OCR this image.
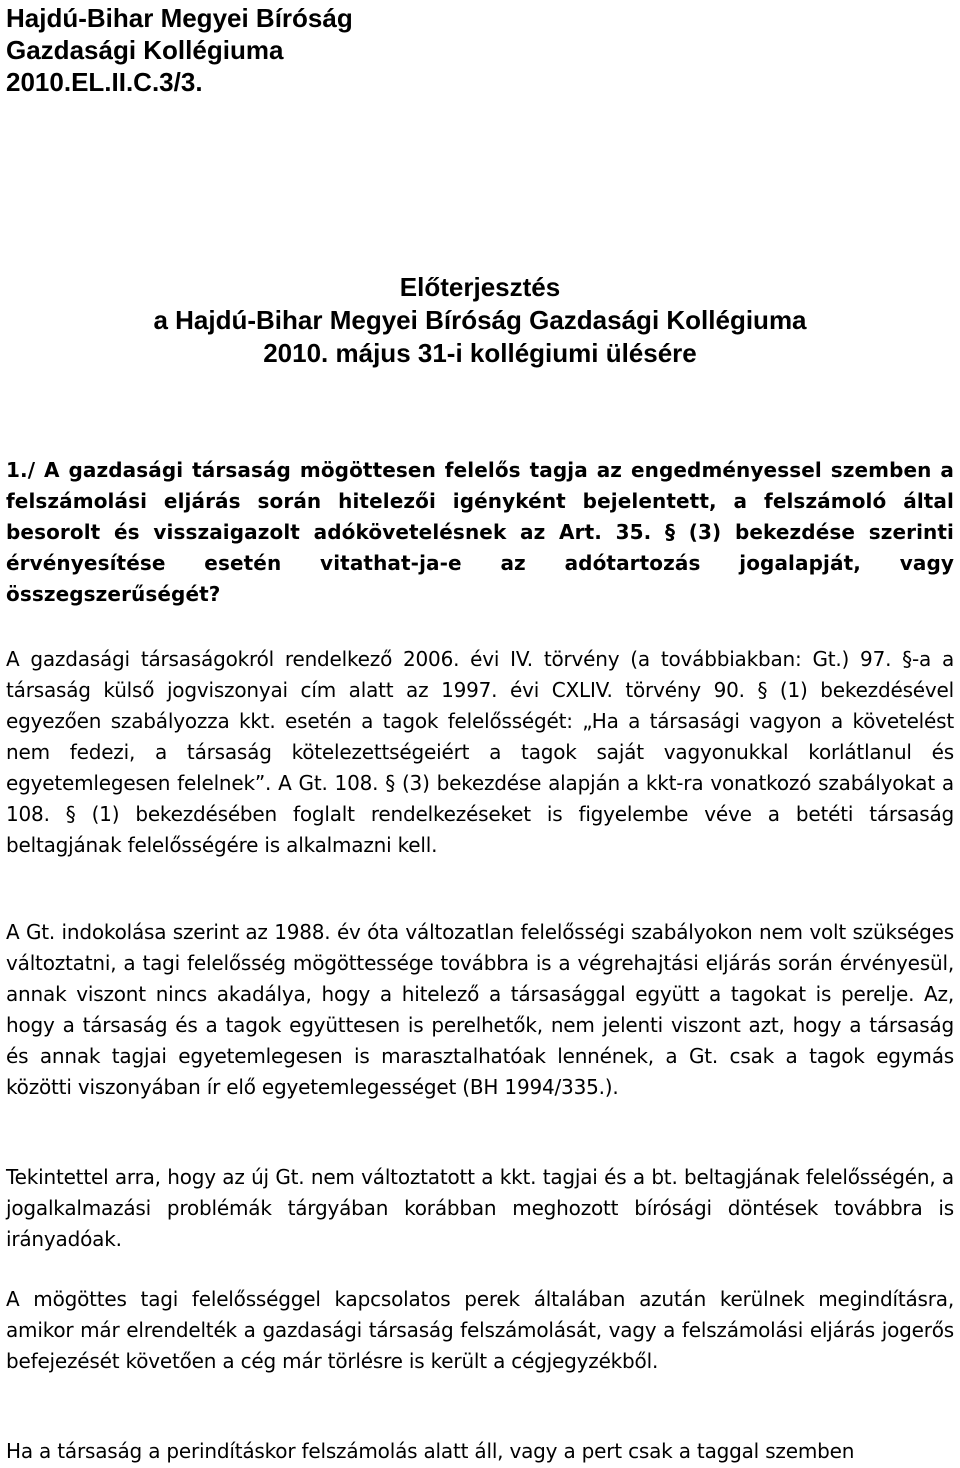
Hajdú-Bihar Megyei Bíróság
Gazdasági Kollégiuma
2010.EL.II.C.3/3.
Előterjesztés
a Hajdú-Bihar Megyei Bíróság Gazdasági Kollégiuma
2010. május 31-i kollégiumi ülésére
1./ A gazdasági társaság mögöttesen felelős tagja az engedményessel szemben a felszámolási eljárás során hitelezői igényként bejelentett, a felszámoló által besorolt és visszaigazolt adókövetelésnek az Art. 35. § (3) bekezdése szerinti érvényesítése esetén vitathat-ja-e az adótartozás jogalapját, vagy összegszerűségét?
A gazdasági társaságokról rendelkező 2006. évi IV. törvény (a továbbiakban: Gt.) 97. §-a a társaság külső jogviszonyai cím alatt az 1997. évi CXLIV. törvény 90. § (1) bekezdésével egyezően szabályozza kkt. esetén a tagok felelősségét: „Ha a társasági vagyon a követelést nem fedezi, a társaság kötelezettségeiért a tagok saját vagyonukkal korlátlanul és egyetemlegesen felelnek”. A Gt. 108. § (3) bekezdése alapján a kkt-ra vonatkozó szabályokat a 108. § (1) bekezdésében foglalt rendelkezéseket is figyelembe véve a betéti társaság beltagjának felelősségére is alkalmazni kell.
A Gt. indokolása szerint az 1988. év óta változatlan felelősségi szabályokon nem volt szükséges változtatni, a tagi felelősség mögöttessége továbbra is a végrehajtási eljárás során érvényesül, annak viszont nincs akadálya, hogy a hitelező a társasággal együtt a tagokat is perelje. Az, hogy a társaság és a tagok együttesen is perelhetők, nem jelenti viszont azt, hogy a társaság és annak tagjai egyetemlegesen is marasztalhatóak lennének, a Gt. csak a tagok egymás közötti viszonyában ír elő egyetemlegességet (BH 1994/335.).
Tekintettel arra, hogy az új Gt. nem változtatott a kkt. tagjai és a bt. beltagjának felelősségén, a jogalkalmazási problémák tárgyában korábban meghozott bírósági döntések továbbra is irányadóak.
A mögöttes tagi felelősséggel kapcsolatos perek általában azután kerülnek megindításra, amikor már elrendelték a gazdasági társaság felszámolását, vagy a felszámolási eljárás jogerős befejezését követően a cég már törlésre is került a cégjegyzékből.
Ha a társaság a perindításkor felszámolás alatt áll, vagy a pert csak a taggal szemben
